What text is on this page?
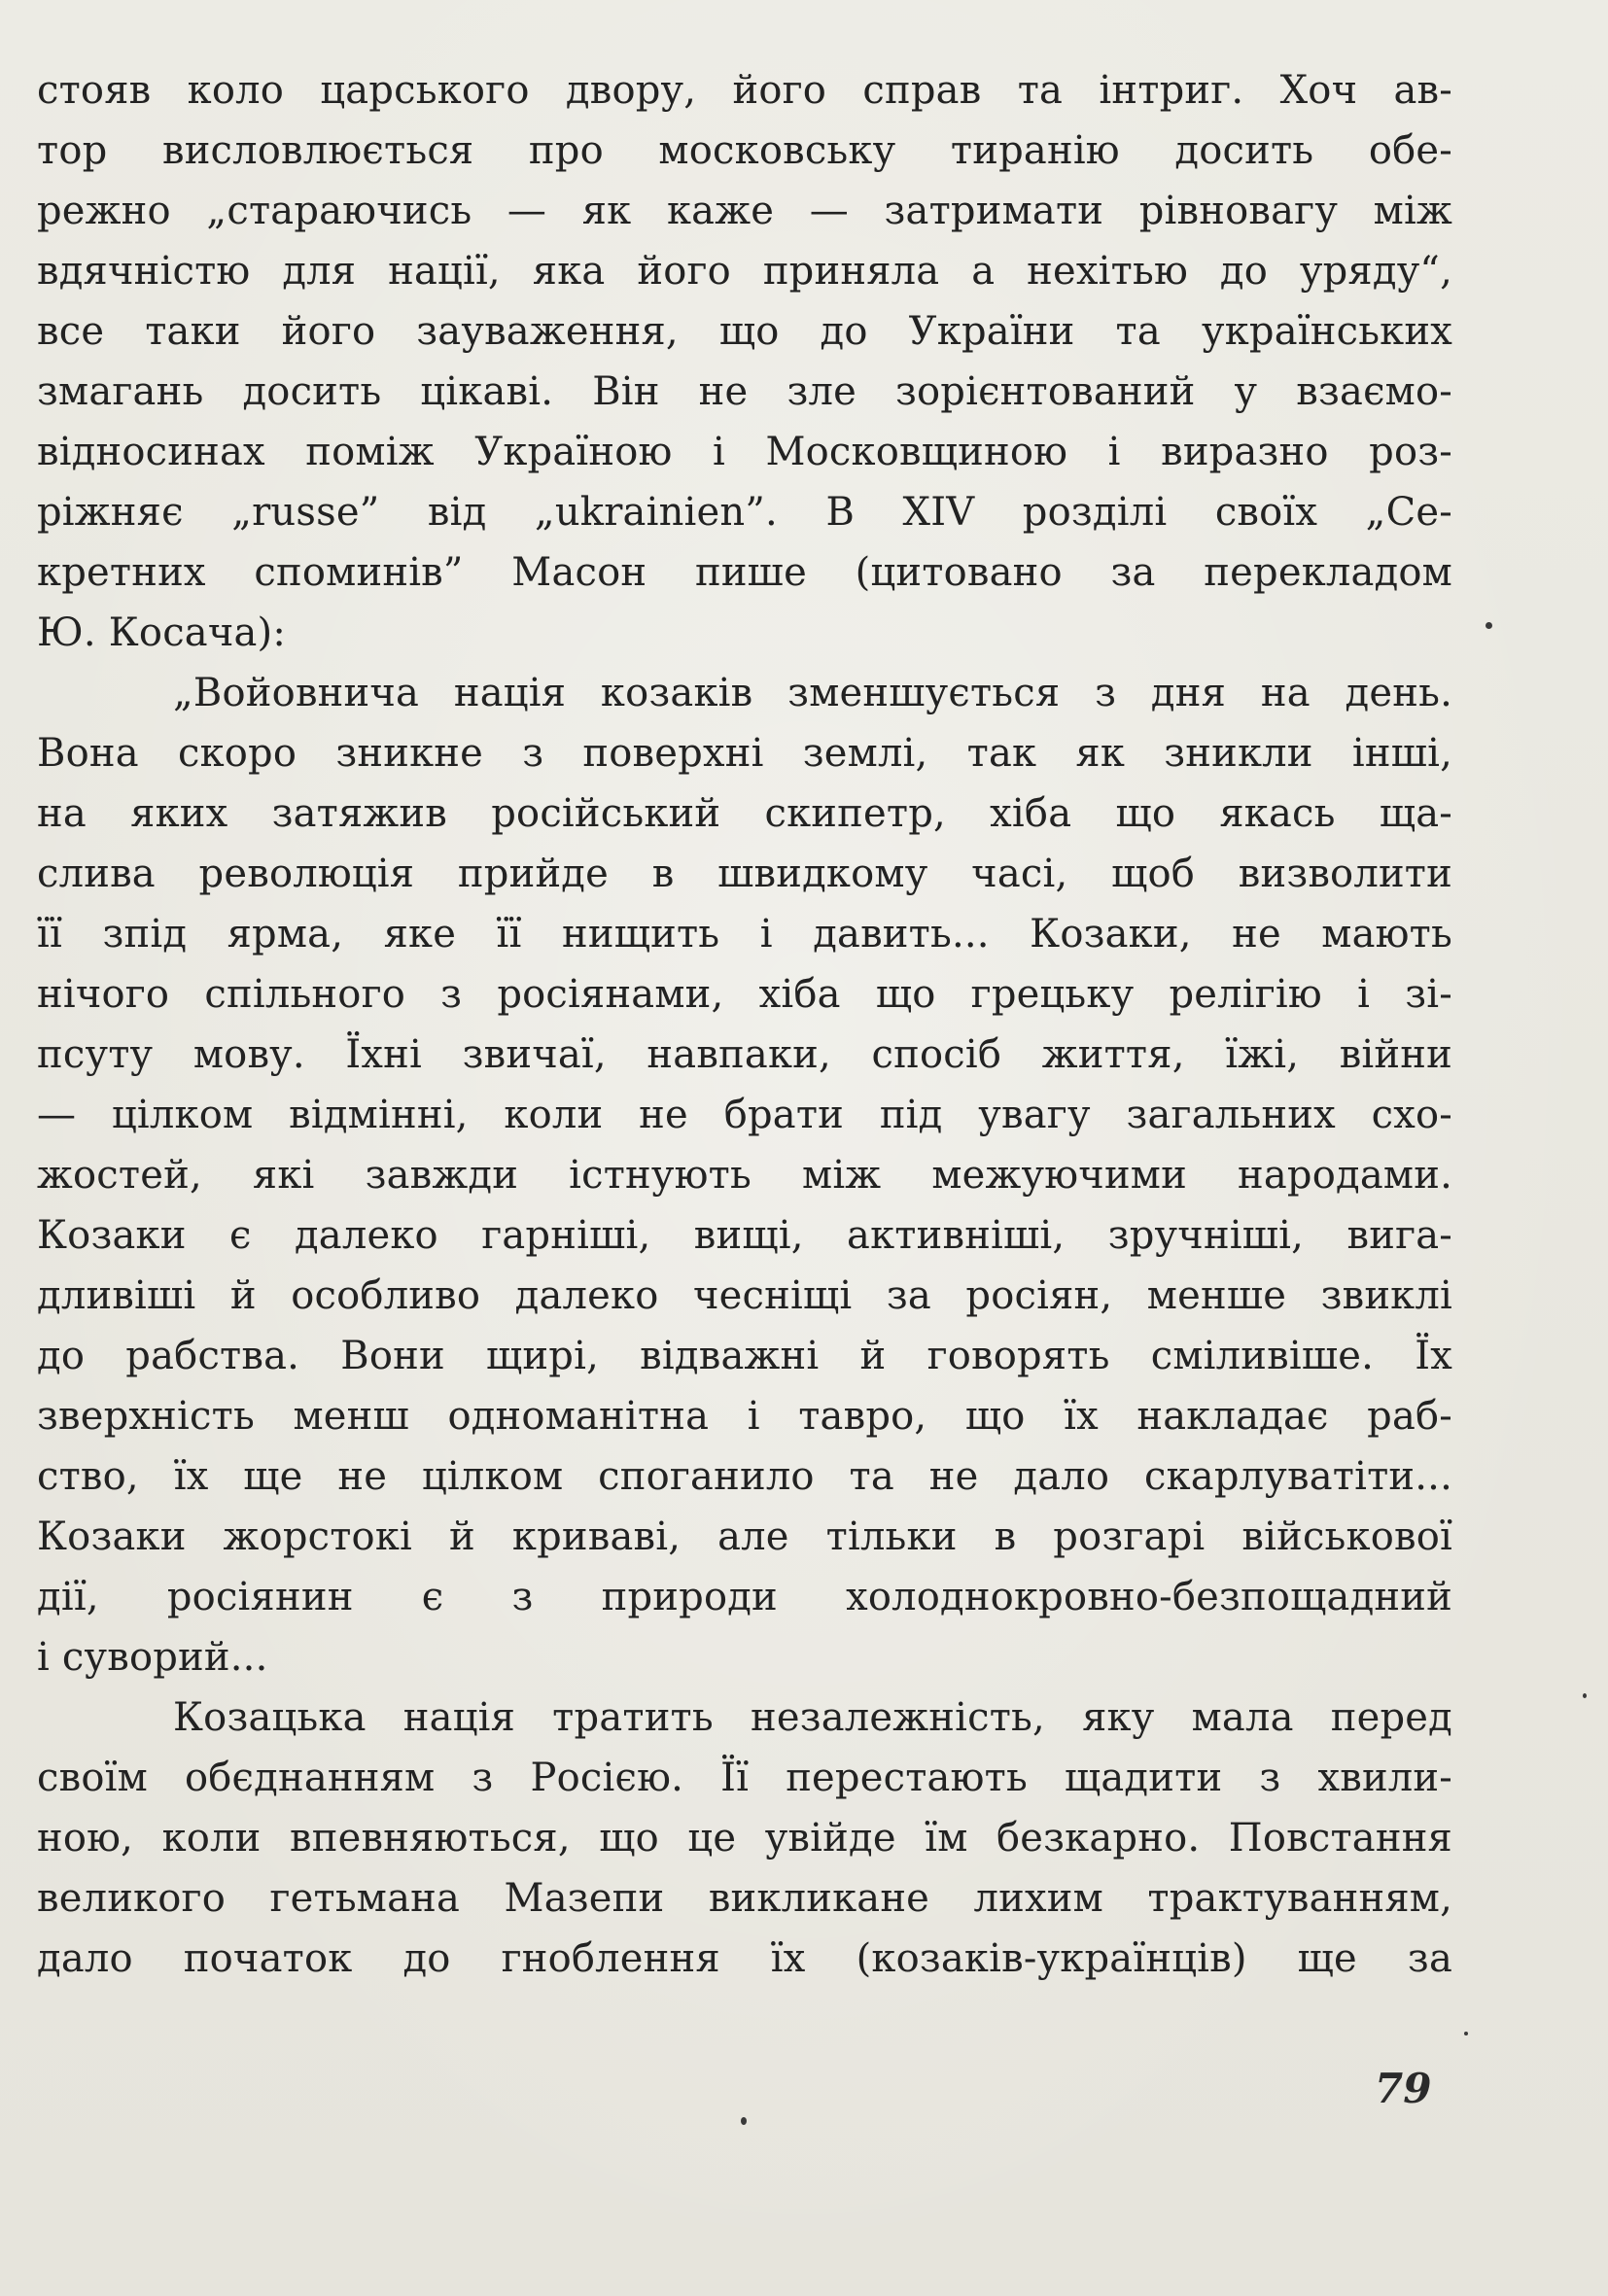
стояв коло царського двору, його справ та інтриг. Хоч ав-
тор висловлюється про московську тиранію досить обе-
режно „стараючись — як каже — затримати рівновагу між
вдячністю для нації, яка його приняла а нехітью до уряду“,
все таки його зауваження, що до України та українських
змагань досить цікаві. Він не зле зорієнтований у взаємо-
відносинах поміж Україною і Московщиною і виразно роз-
ріжняє „russe” від „ukrainien”. В XIV розділі своїх „Се-
кретних споминів” Масон пише (цитовано за перекладом
Ю. Косача):
„Войовнича нація козаків зменшується з дня на день.
Вона скоро зникне з поверхні землі, так як зникли інші,
на яких затяжив російський скипетр, хіба що якась ща-
слива революція прийде в швидкому часі, щоб визволити
її зпід ярма, яке її нищить і давить... Козаки, не мають
нічого спільного з росіянами, хіба що грецьку релігію і зі-
псуту мову. Їхні звичаї, навпаки, спосіб життя, їжі, війни
— цілком відмінні, коли не брати під увагу загальних схо-
жостей, які завжди істнують між межуючими народами.
Козаки є далеко гарніші, вищі, активніші, зручніші, вига-
дливіші й особливо далеко чесніщі за росіян, менше звиклі
до рабства. Вони щирі, відважні й говорять сміливіше. Їх
зверхність менш одноманітна і тавро, що їх накладає раб-
ство, їх ще не цілком споганило та не дало скарлуватіти...
Козаки жорстокі й криваві, але тільки в розгарі військової
дії, росіянин є з природи холоднокровно-безпощадний
і суворий...
Козацька нація тратить незалежність, яку мала перед
своїм обєднанням з Росією. Її перестають щадити з хвили-
ною, коли впевняються, що це увійде їм безкарно. Повстання
великого гетьмана Мазепи викликане лихим трактуванням,
дало початок до гноблення їх (козаків-українців) ще за
79
